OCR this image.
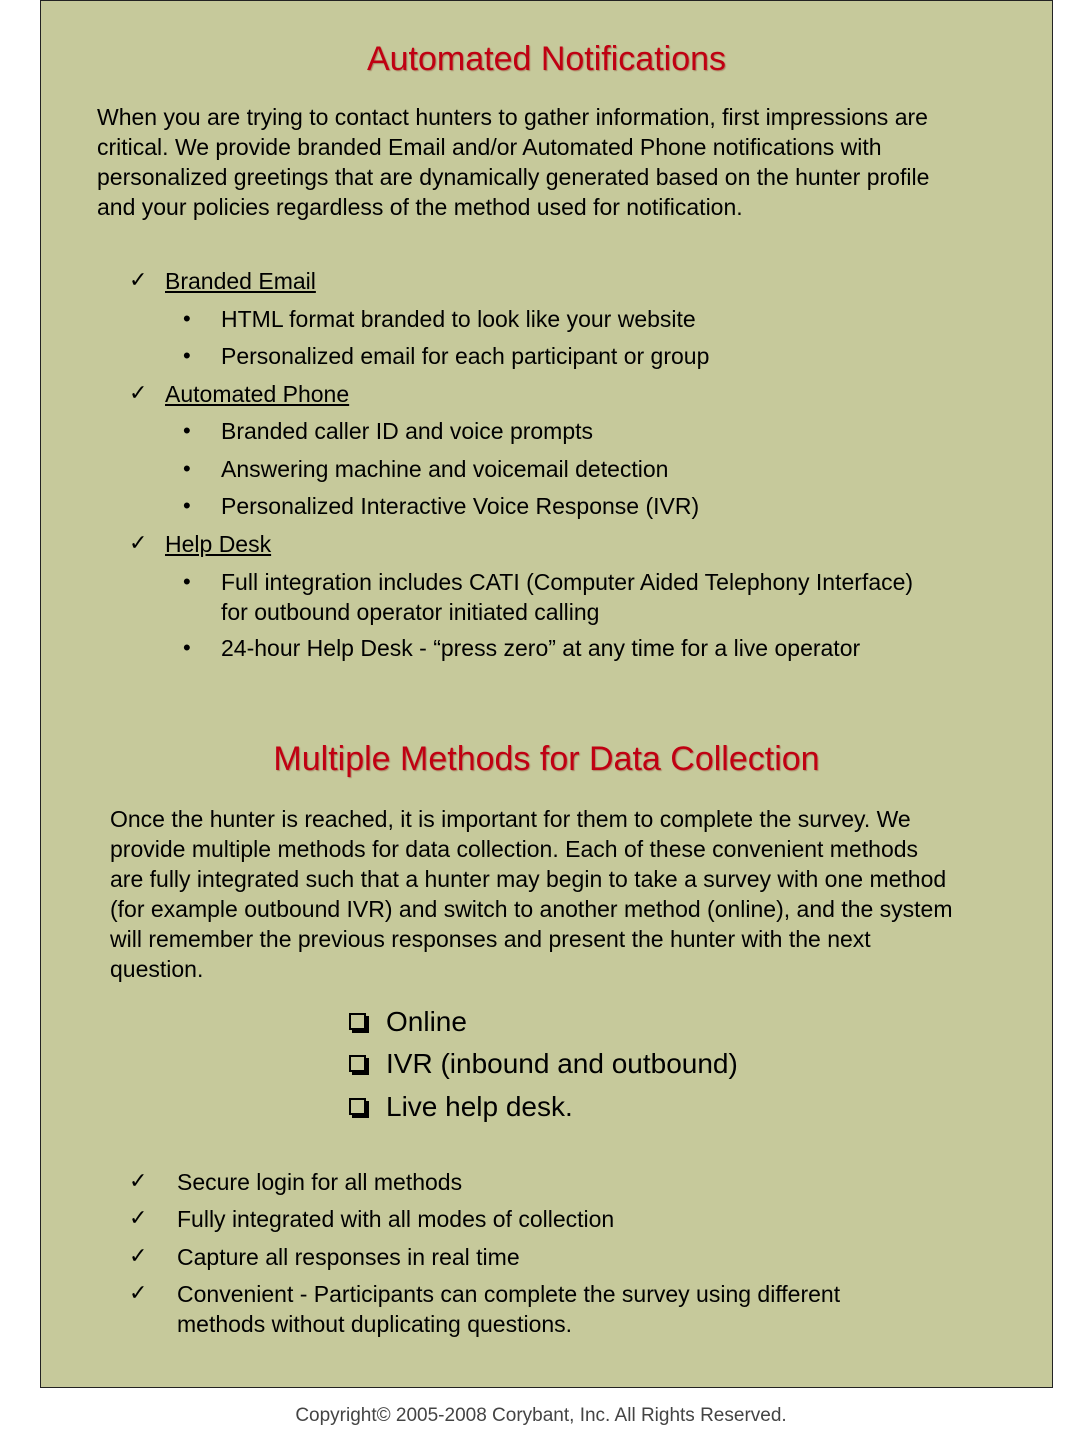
Automated Notifications
When you are trying to contact hunters to gather information, first impressions are
critical. We provide branded Email and/or Automated Phone notifications with
personalized greetings that are dynamically generated based on the hunter profile
and your policies regardless of the method used for notification.
✓ Branded Email
• HTML format branded to look like your website
• Personalized email for each participant or group
✓ Automated Phone
• Branded caller ID and voice prompts
• Answering machine and voicemail detection
• Personalized Interactive Voice Response (IVR)
✓ Help Desk
• Full integration includes CATI (Computer Aided Telephony Interface)
for outbound operator initiated calling
• 24-hour Help Desk - “press zero” at any time for a live operator
Multiple Methods for Data Collection
Once the hunter is reached, it is important for them to complete the survey. We
provide multiple methods for data collection. Each of these convenient methods
are fully integrated such that a hunter may begin to take a survey with one method
(for example outbound IVR) and switch to another method (online), and the system
will remember the previous responses and present the hunter with the next
question.
Online
IVR (inbound and outbound)
Live help desk.
✓ Secure login for all methods
✓ Fully integrated with all modes of collection
✓ Capture all responses in real time
✓ Convenient - Participants can complete the survey using different
methods without duplicating questions.
Copyright© 2005-2008 Corybant, Inc. All Rights Reserved.
